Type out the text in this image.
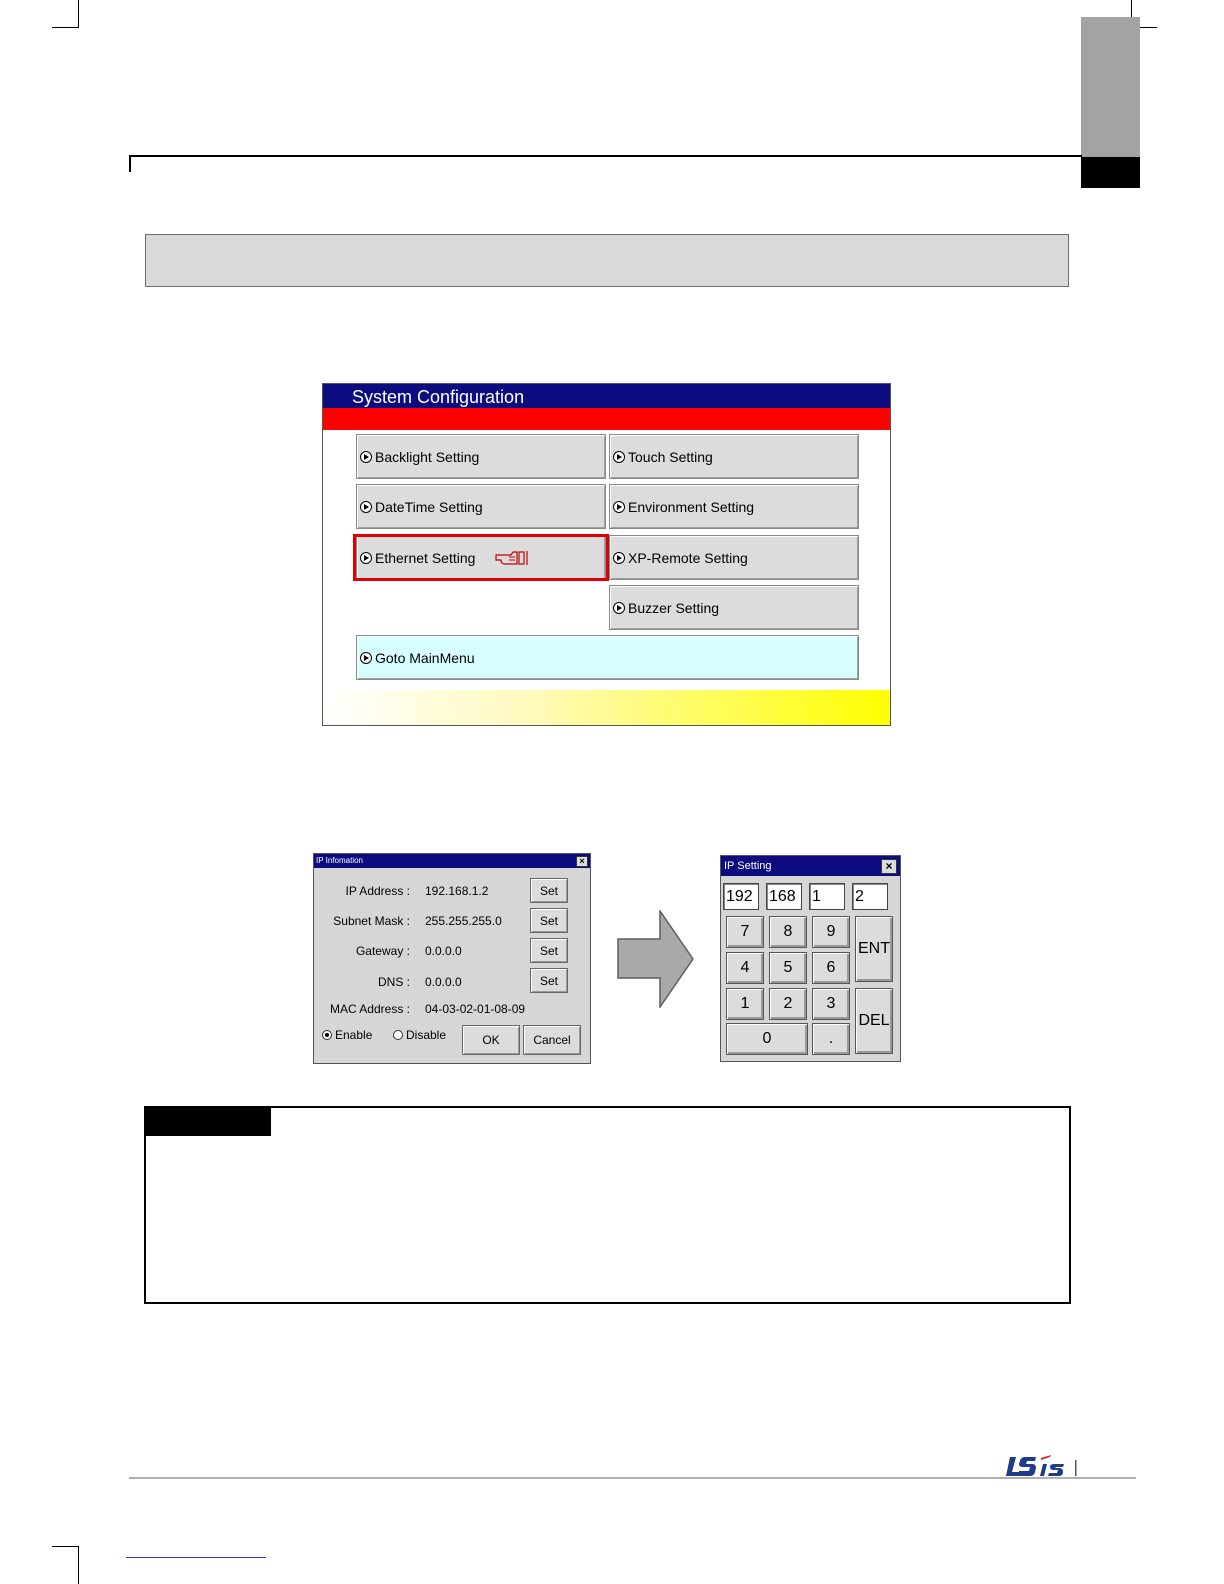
System Configuration
Backlight Setting	Touch Setting
DateTime Setting	Environment Setting
Ethernet Setting	XP-Remote Setting
Buzzer Setting
Goto MainMenu
IP Infomation	×
IP Address : 192.168.1.2	Set
Subnet Mask : 255.255.255.0	Set
Gateway : 0.0.0.0	Set
DNS : 0.0.0.0	Set
MAC Address : 04-03-02-01-08-09
Enable	Disable	OK	Cancel
IP Setting	×
192	168	1	2
7	8	9
ENT
4	5	6
1	2	3
DEL
0	.
